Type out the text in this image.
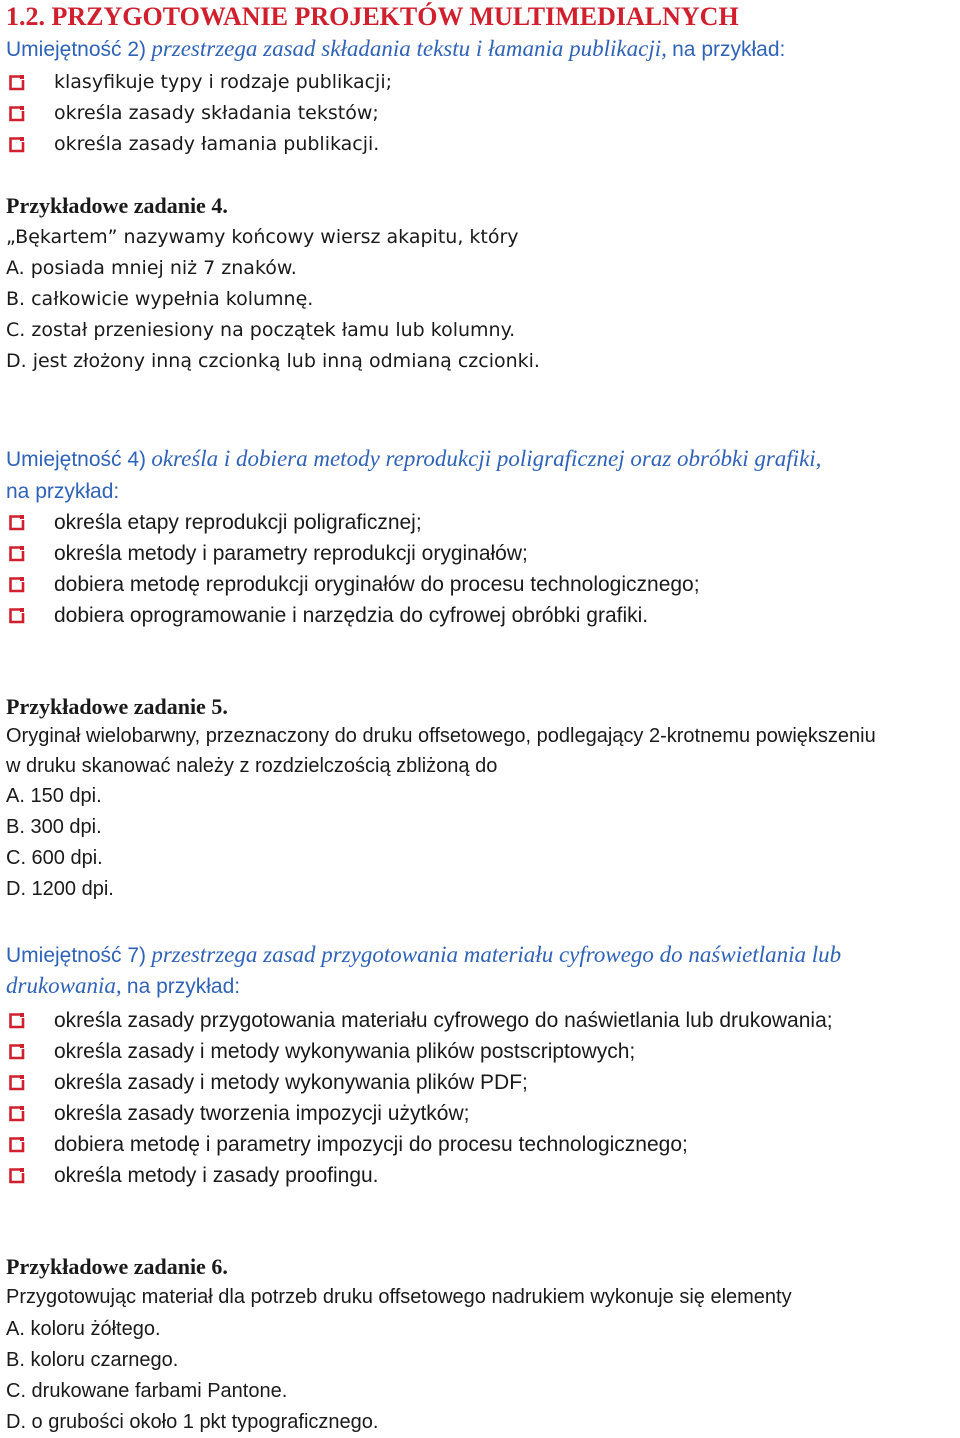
1.2. PRZYGOTOWANIE PROJEKTÓW MULTIMEDIALNYCH
Umiejętność 2) przestrzega zasad składania tekstu i łamania publikacji, na przykład:
klasyfikuje typy i rodzaje publikacji;
określa zasady składania tekstów;
określa zasady łamania publikacji.
Przykładowe zadanie 4.
„Bękartem” nazywamy końcowy wiersz akapitu, który
A. posiada mniej niż 7 znaków.
B. całkowicie wypełnia kolumnę.
C. został przeniesiony na początek łamu lub kolumny.
D. jest złożony inną czcionką lub inną odmianą czcionki.
Umiejętność 4) określa i dobiera metody reprodukcji poligraficznej oraz obróbki grafiki,
na przykład:
określa etapy reprodukcji poligraficznej;
określa metody i parametry reprodukcji oryginałów;
dobiera metodę reprodukcji oryginałów do procesu technologicznego;
dobiera oprogramowanie i narzędzia do cyfrowej obróbki grafiki.
Przykładowe zadanie 5.
Oryginał wielobarwny, przeznaczony do druku offsetowego, podlegający 2-krotnemu powiększeniu
w druku skanować należy z rozdzielczością zbliżoną do
A. 150 dpi.
B. 300 dpi.
C. 600 dpi.
D. 1200 dpi.
Umiejętność 7) przestrzega zasad przygotowania materiału cyfrowego do naświetlania lub
drukowania, na przykład:
określa zasady przygotowania materiału cyfrowego do naświetlania lub drukowania;
określa zasady i metody wykonywania plików postscriptowych;
określa zasady i metody wykonywania plików PDF;
określa zasady tworzenia impozycji użytków;
dobiera metodę i parametry impozycji do procesu technologicznego;
określa metody i zasady proofingu.
Przykładowe zadanie 6.
Przygotowując materiał dla potrzeb druku offsetowego nadrukiem wykonuje się elementy
A. koloru żółtego.
B. koloru czarnego.
C. drukowane farbami Pantone.
D. o grubości około 1 pkt typograficznego.
